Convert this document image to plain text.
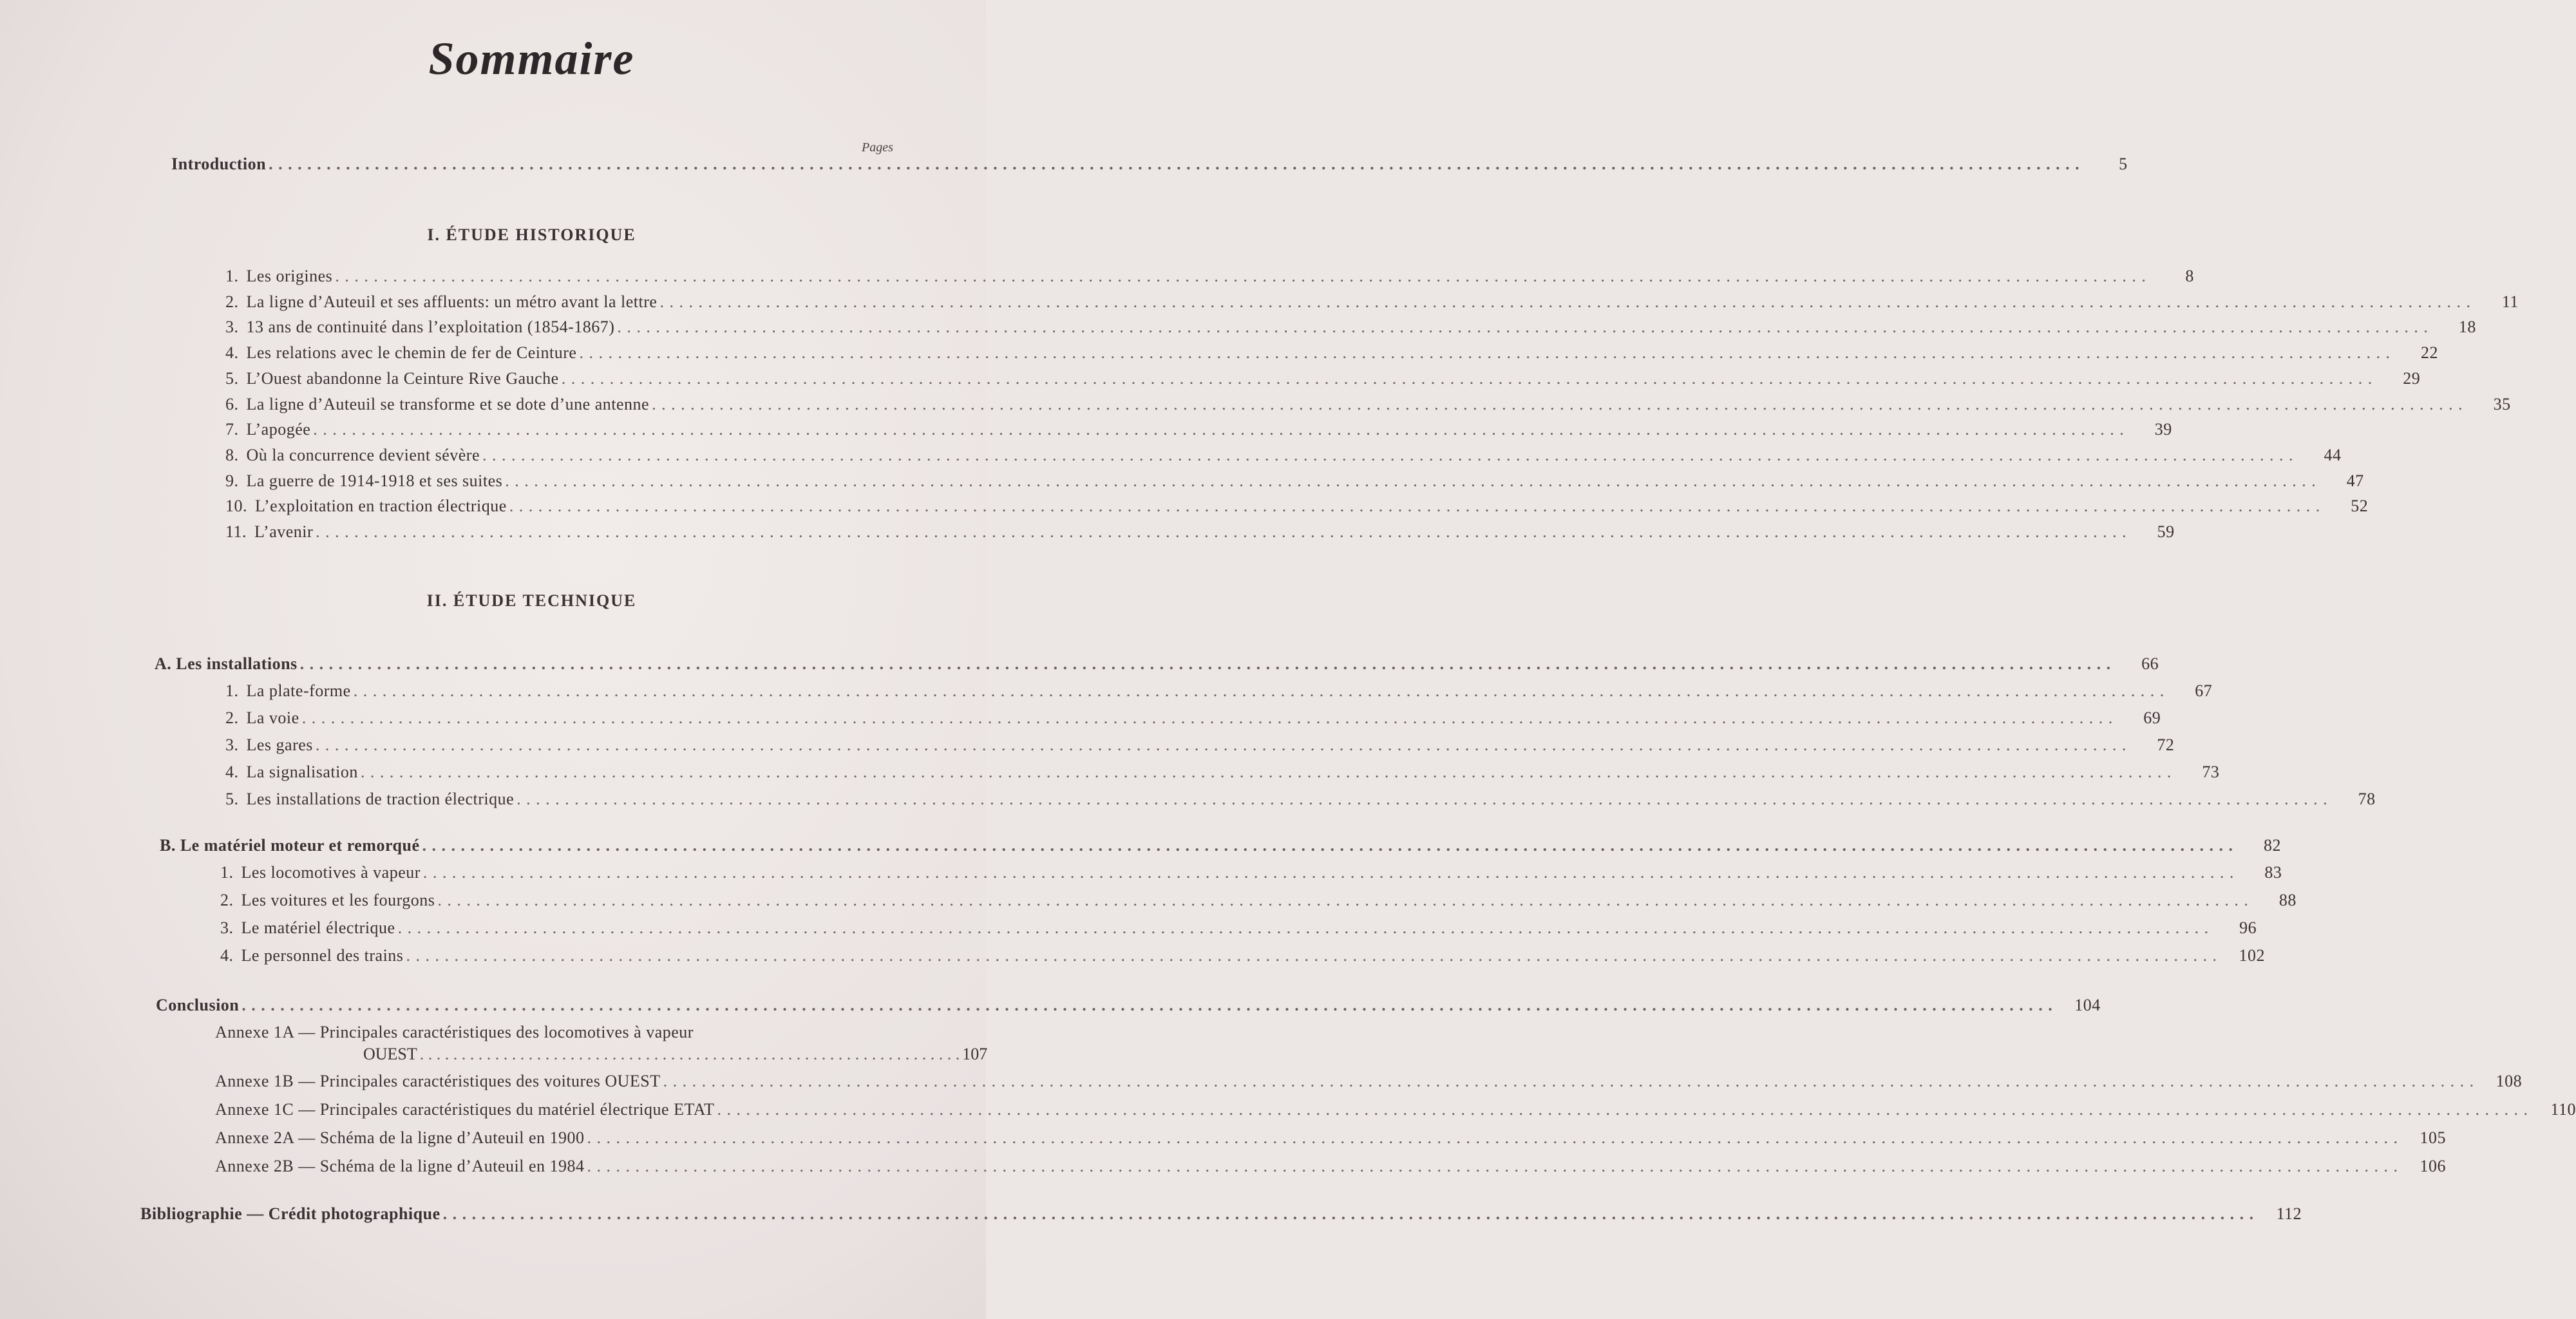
Sommaire
Pages
Introduction . . .	5
I. ÉTUDE HISTORIQUE
1. Les origines . . .	8
2. La ligne d’Auteuil et ses affluents: un métro avant la lettre . . .	11
3. 13 ans de continuité dans l’exploitation (1854-1867) . . .	18
4. Les relations avec le chemin de fer de Ceinture . . .	22
5. L’Ouest abandonne la Ceinture Rive Gauche . . .	29
6. La ligne d’Auteuil se transforme et se dote d’une antenne . . .	35
7. L’apogée . . .	39
8. Où la concurrence devient sévère . . .	44
9. La guerre de 1914-1918 et ses suites . . .	47
10. L’exploitation en traction électrique . . .	52
11. L’avenir . . .	59
II. ÉTUDE TECHNIQUE
A. Les installations . . .	66
1. La plate-forme . . .	67
2. La voie . . .	69
3. Les gares . . .	72
4. La signalisation . . .	73
5. Les installations de traction électrique . . .	78
B. Le matériel moteur et remorqué . . .	82
1. Les locomotives à vapeur . . .	83
2. Les voitures et les fourgons . . .	88
3. Le matériel électrique . . .	96
4. Le personnel des trains . . .	102
Conclusion . . .	104
Annexe 1A — Principales caractéristiques des locomotives à vapeur
OUEST . . . . . . . . . . . . . . . . . . . . . . . . . . . . . . . . . . . . . . . . . . . . . . . . . . . . . . . . . . . . . . . . . 107
Annexe 1B — Principales caractéristiques des voitures OUEST . . .	108
Annexe 1C — Principales caractéristiques du matériel électrique ETAT . . .	110
Annexe 2A — Schéma de la ligne d’Auteuil en 1900 . . .	105
Annexe 2B — Schéma de la ligne d’Auteuil en 1984 . . .	106
Bibliographie — Crédit photographique . . .	112
